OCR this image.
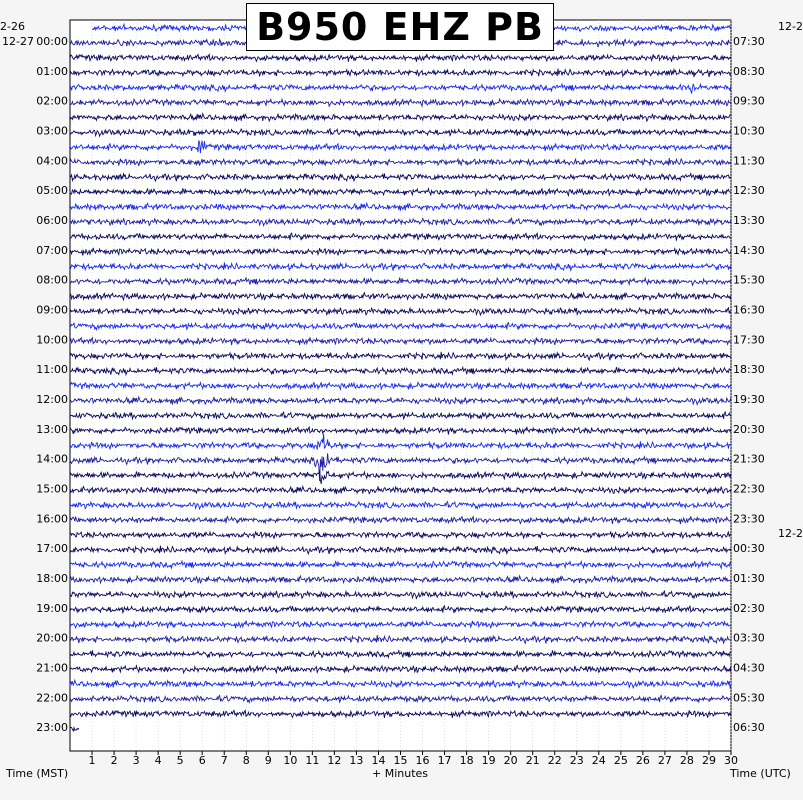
1 2 3 4 5 6 7 8 9 10 11 12 13 14 15 16 17 18 19 20 21 22 23 24 25 26 27 28 29 30
00:00
01:00
02:00
03:00
04:00
05:00
06:00
07:00
08:00
09:00
10:00
11:00
12:00
13:00
14:00
15:00
16:00
17:00
18:00
19:00
20:00
21:00
22:00
23:00
07:30
08:30
09:30
10:30
11:30
12:30
13:30
14:30
15:30
16:30
17:30
18:30
19:30
20:30
21:30
22:30
23:30
00:30
01:30
02:30
03:30
04:30
05:30
06:30
B950 EHZ PB
2-26
12-27
12-2
12-2
Time (MST)	+ Minutes	Time (UTC)
